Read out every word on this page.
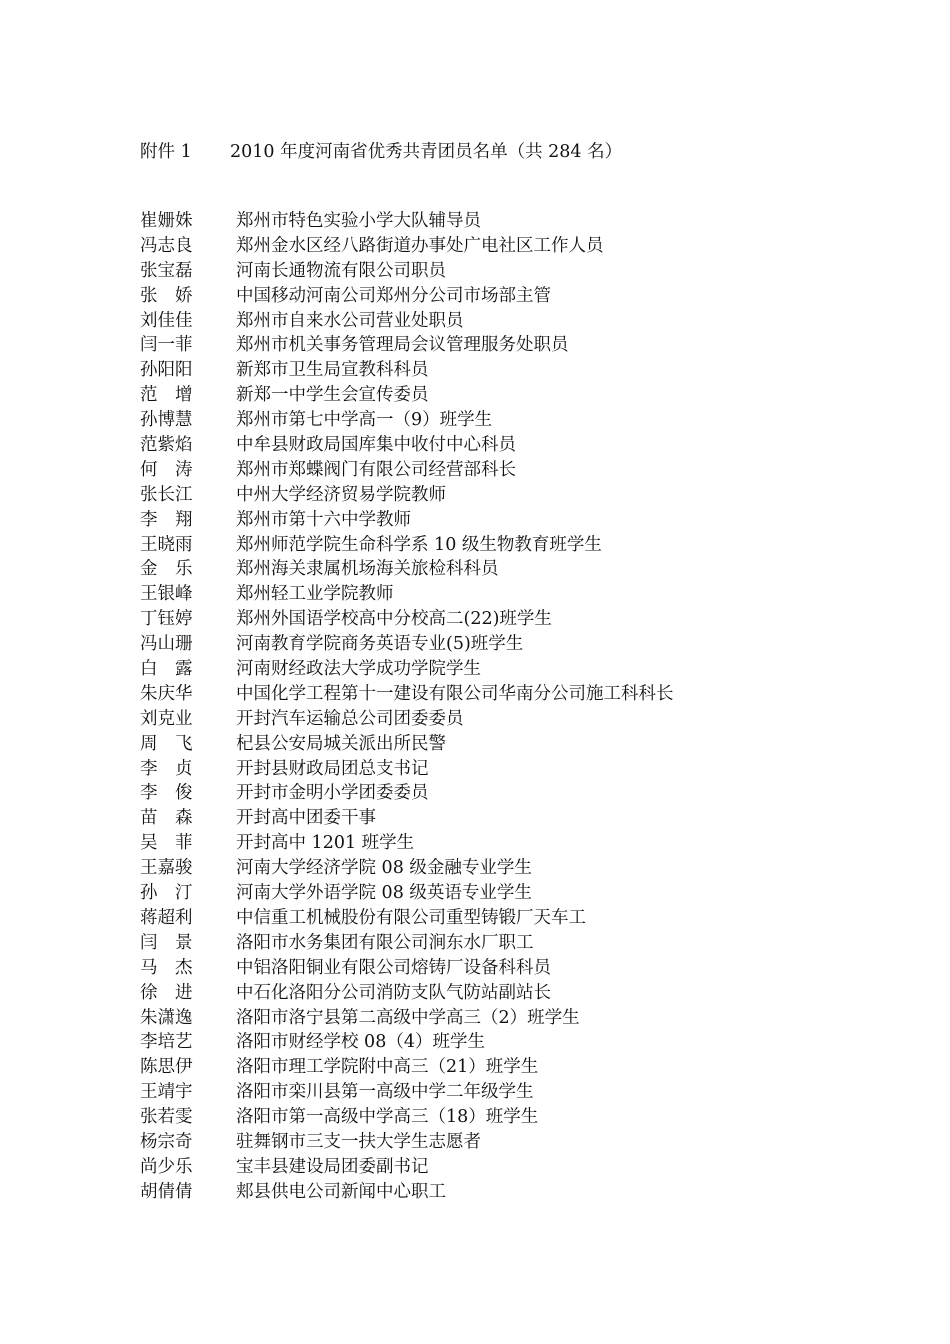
附件 1 2010 年度河南省优秀共青团员名单（共 284 名）
崔姗姝 郑州市特色实验小学大队辅导员
冯志良 郑州金水区经八路街道办事处广电社区工作人员
张宝磊 河南长通物流有限公司职员
张　娇 中国移动河南公司郑州分公司市场部主管
刘佳佳 郑州市自来水公司营业处职员
闫一菲 郑州市机关事务管理局会议管理服务处职员
孙阳阳 新郑市卫生局宣教科科员
范　增 新郑一中学生会宣传委员
孙博慧 郑州市第七中学高一（9）班学生
范紫焰 中牟县财政局国库集中收付中心科员
何　涛 郑州市郑蝶阀门有限公司经营部科长
张长江 中州大学经济贸易学院教师
李　翔 郑州市第十六中学教师
王晓雨 郑州师范学院生命科学系 10 级生物教育班学生
金　乐 郑州海关隶属机场海关旅检科科员
王银峰 郑州轻工业学院教师
丁钰婷 郑州外国语学校高中分校高二(22)班学生
冯山珊 河南教育学院商务英语专业(5)班学生
白　露 河南财经政法大学成功学院学生
朱庆华 中国化学工程第十一建设有限公司华南分公司施工科科长
刘克业 开封汽车运输总公司团委委员
周　飞 杞县公安局城关派出所民警
李　贞 开封县财政局团总支书记
李　俊 开封市金明小学团委委员
苗　森 开封高中团委干事
吴　菲 开封高中 1201 班学生
王嘉骏 河南大学经济学院 08 级金融专业学生
孙　汀 河南大学外语学院 08 级英语专业学生
蒋超利 中信重工机械股份有限公司重型铸锻厂天车工
闫　景 洛阳市水务集团有限公司涧东水厂职工
马　杰 中铝洛阳铜业有限公司熔铸厂设备科科员
徐　进 中石化洛阳分公司消防支队气防站副站长
朱潇逸 洛阳市洛宁县第二高级中学高三（2）班学生
李培艺 洛阳市财经学校 08（4）班学生
陈思伊 洛阳市理工学院附中高三（21）班学生
王靖宇 洛阳市栾川县第一高级中学二年级学生
张若雯 洛阳市第一高级中学高三（18）班学生
杨宗奇 驻舞钢市三支一扶大学生志愿者
尚少乐 宝丰县建设局团委副书记
胡倩倩 郏县供电公司新闻中心职工
